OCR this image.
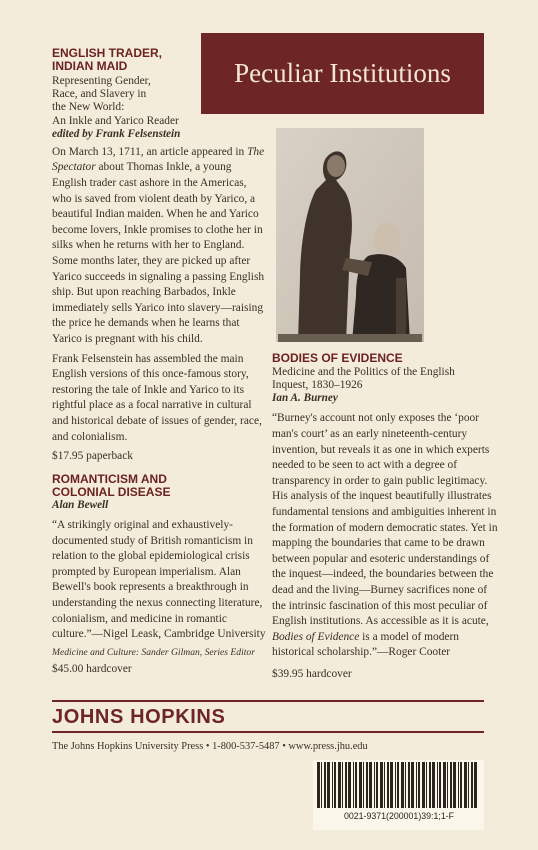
Peculiar Institutions
ENGLISH TRADER,
INDIAN MAID
Representing Gender,
Race, and Slavery in
the New World:
An Inkle and Yarico Reader
edited by Frank Felsenstein

On March 13, 1711, an article appeared in The Spectator about Thomas Inkle, a young English trader cast ashore in the Americas, who is saved from violent death by Yarico, a beautiful Indian maiden. When he and Yarico become lovers, Inkle promises to clothe her in silks when he returns with her to England. Some months later, they are picked up after Yarico succeeds in signaling a passing English ship. But upon reaching Barbados, Inkle immediately sells Yarico into slavery—raising the price he demands when he learns that Yarico is pregnant with his child.

Frank Felsenstein has assembled the main English versions of this once-famous story, restoring the tale of Inkle and Yarico to its rightful place as a focal narrative in cultural and historical debate of issues of gender, race, and colonialism.

$17.95 paperback
ROMANTICISM AND
COLONIAL DISEASE
Alan Bewell

“A strikingly original and exhaustively-documented study of British romanticism in relation to the global epidemiological crisis prompted by European imperialism. Alan Bewell's book represents a breakthrough in understanding the nexus connecting literature, colonialism, and medicine in romantic culture.”—Nigel Leask, Cambridge University

Medicine and Culture: Sander Gilman, Series Editor
$45.00 hardcover
BODIES OF EVIDENCE
Medicine and the Politics of the English
Inquest, 1830–1926
Ian A. Burney

“Burney's account not only exposes the ‘poor man's court’ as an early nineteenth-century invention, but reveals it as one in which experts needed to be seen to act with a degree of transparency in order to gain public legitimacy. His analysis of the inquest beautifully illustrates fundamental tensions and ambiguities inherent in the formation of modern democratic states. Yet in mapping the boundaries that came to be drawn between popular and esoteric understandings of the inquest—indeed, the boundaries between the dead and the living—Burney sacrifices none of the intrinsic fascination of this most peculiar of English institutions. As accessible as it is acute, Bodies of Evidence is a model of modern historical scholarship.”—Roger Cooter

$39.95 hardcover
JOHNS HOPKINS
The Johns Hopkins University Press • 1-800-537-5487 • www.press.jhu.edu
0021-9371(200001)39:1;1-F
